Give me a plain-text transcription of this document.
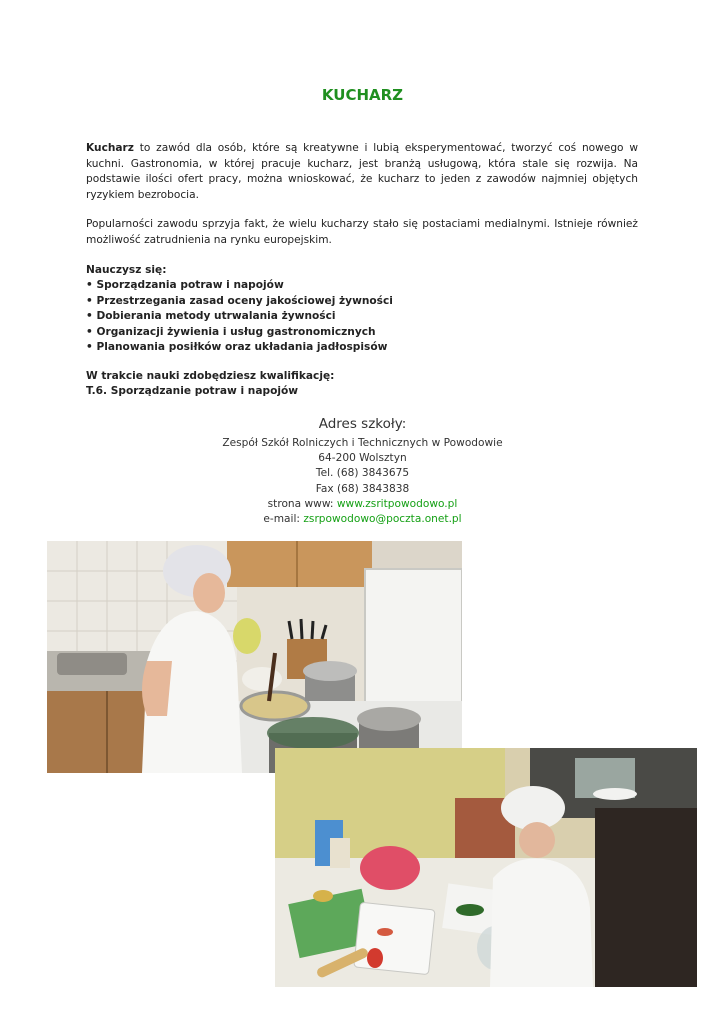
KUCHARZ
Kucharz to zawód dla osób, które są kreatywne i lubią eksperymentować, tworzyć coś nowego w kuchni. Gastronomia, w której pracuje kucharz, jest branżą usługową, która stale się rozwija. Na podstawie ilości ofert pracy, można wnioskować, że kucharz to jeden z zawodów najmniej objętych ryzykiem bezrobocia.
Popularności zawodu sprzyja fakt, że wielu kucharzy stało się postaciami medialnymi. Istnieje również możliwość zatrudnienia na rynku europejskim.
Nauczysz się:
• Sporządzania potraw i napojów
• Przestrzegania zasad oceny jakościowej żywności
• Dobierania metody utrwalania żywności
• Organizacji żywienia i usług gastronomicznych
• Planowania posiłków oraz układania jadłospisów
W trakcie nauki zdobędziesz kwalifikację:
T.6. Sporządzanie potraw i napojów
Adres szkoły:
Zespół Szkół Rolniczych i Technicznych w Powodowie
64-200 Wolsztyn
Tel. (68) 3843675
Fax (68) 3843838
strona www: www.zsritpowodowo.pl
e-mail: zsrpowodowo@poczta.onet.pl
